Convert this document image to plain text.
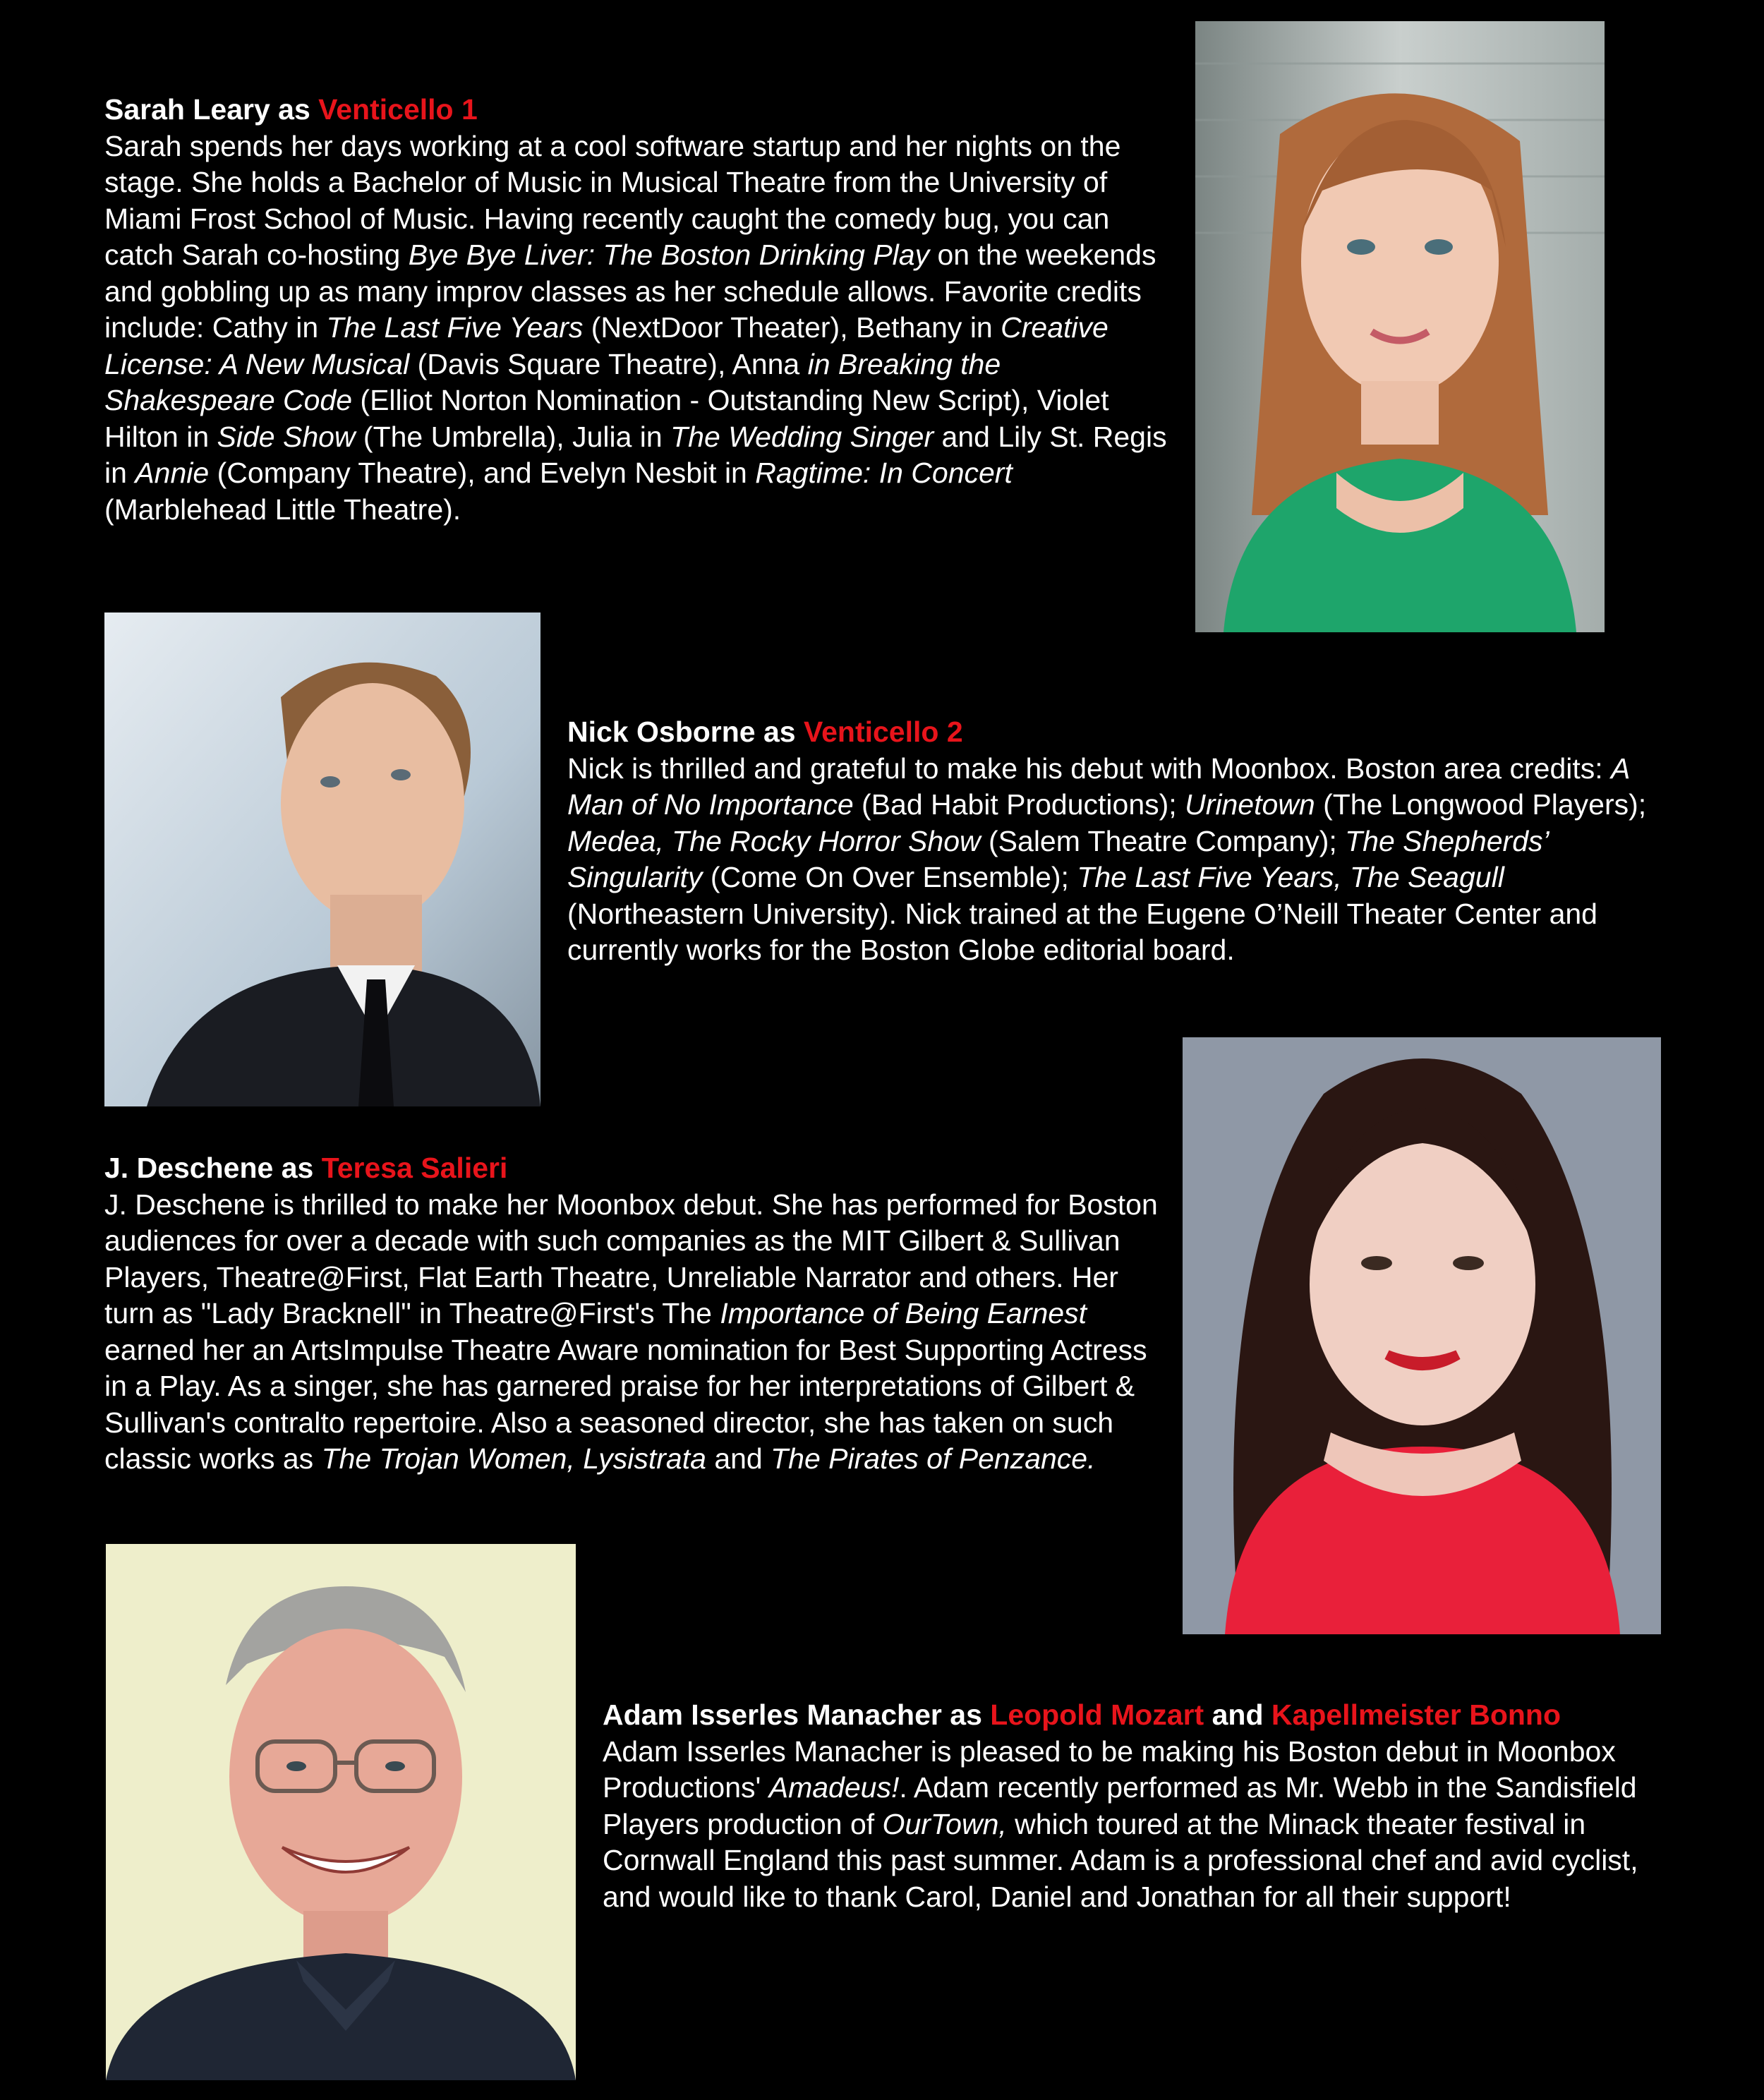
Sarah Leary as Venticello 1
Sarah spends her days working at a cool software startup and her nights on the stage. She holds a Bachelor of Music in Musical Theatre from the University of Miami Frost School of Music. Having recently caught the comedy bug, you can catch Sarah co-hosting Bye Bye Liver: The Boston Drinking Play on the weekends and gobbling up as many improv classes as her schedule allows. Favorite credits include: Cathy in The Last Five Years (NextDoor Theater), Bethany in Creative License: A New Musical (Davis Square Theatre), Anna in Breaking the Shakespeare Code (Elliot Norton Nomination - Outstanding New Script), Violet Hilton in Side Show (The Umbrella), Julia in The Wedding Singer and Lily St. Regis in Annie (Company Theatre), and Evelyn Nesbit in Ragtime: In Concert (Marblehead Little Theatre).

Nick Osborne as Venticello 2
Nick is thrilled and grateful to make his debut with Moonbox. Boston area credits: A Man of No Importance (Bad Habit Productions); Urinetown (The Longwood Players); Medea, The Rocky Horror Show (Salem Theatre Company); The Shepherds’ Singularity (Come On Over Ensemble); The Last Five Years, The Seagull (Northeastern University). Nick trained at the Eugene O’Neill Theater Center and currently works for the Boston Globe editorial board.

J. Deschene as Teresa Salieri
J. Deschene is thrilled to make her Moonbox debut. She has performed for Boston audiences for over a decade with such companies as the MIT Gilbert & Sullivan Players, Theatre@First, Flat Earth Theatre, Unreliable Narrator and others. Her turn as "Lady Bracknell" in Theatre@First's The Importance of Being Earnest earned her an ArtsImpulse Theatre Aware nomination for Best Supporting Actress in a Play. As a singer, she has garnered praise for her interpretations of Gilbert & Sullivan's contralto repertoire. Also a seasoned director, she has taken on such classic works as The Trojan Women, Lysistrata and The Pirates of Penzance.

Adam Isserles Manacher as Leopold Mozart and Kapellmeister Bonno
Adam Isserles Manacher is pleased to be making his Boston debut in Moonbox Productions' Amadeus!. Adam recently performed as Mr. Webb in the Sandisfield Players production of OurTown, which toured at the Minack theater festival in Cornwall England this past summer. Adam is a professional chef and avid cyclist, and would like to thank Carol, Daniel and Jonathan for all their support!
